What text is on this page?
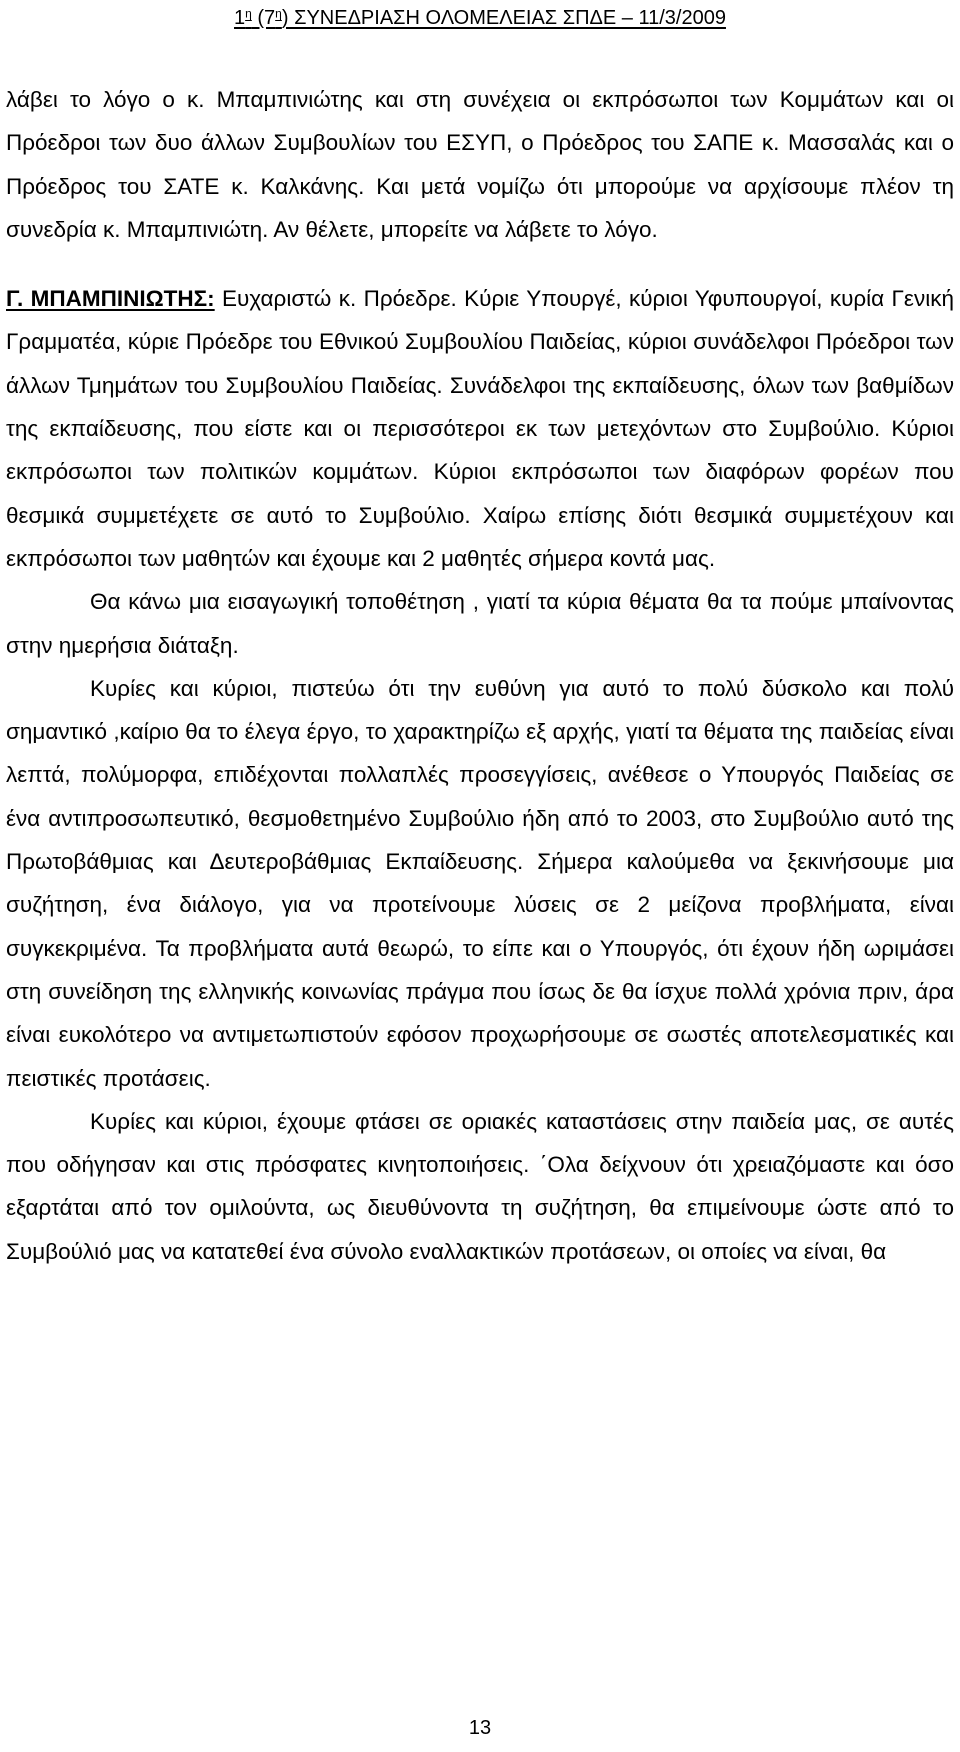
$1^\eta$ $(7^\eta)$ ΣΥΝΕΔΡΙΑΣΗ ΟΛΟΜΕΛΕΙΑΣ ΣΠΔΕ – 11/3/2009

λάβει το λόγο ο κ. Μπαμπινιώτης και στη συνέχεια οι εκπρόσωποι των Κομμάτων και οι Πρόεδροι των δυο άλλων Συμβουλίων του ΕΣΥΠ, ο Πρόεδρος του ΣΑΠΕ κ. Μασσαλάς και ο Πρόεδρος του ΣΑΤΕ κ. Καλκάνης. Και μετά νομίζω ότι μπορούμε να αρχίσουμε πλέον τη συνεδρία κ. Μπαμπινιώτη. Αν θέλετε, μπορείτε να λάβετε το λόγο.

Γ. ΜΠΑΜΠΙΝΙΩΤΗΣ: Ευχαριστώ κ. Πρόεδρε. Κύριε Υπουργέ, κύριοι Υφυπουργοί, κυρία Γενική Γραμματέα, κύριε Πρόεδρε του Εθνικού Συμβουλίου Παιδείας, κύριοι συνάδελφοι Πρόεδροι των άλλων Τμημάτων του Συμβουλίου Παιδείας. Συνάδελφοι της εκπαίδευσης, όλων των βαθμίδων της εκπαίδευσης, που είστε και οι περισσότεροι εκ των μετεχόντων στο Συμβούλιο. Κύριοι εκπρόσωποι των πολιτικών κομμάτων. Κύριοι εκπρόσωποι των διαφόρων φορέων που θεσμικά συμμετέχετε σε αυτό το Συμβούλιο. Χαίρω επίσης διότι θεσμικά συμμετέχουν και εκπρόσωποι των μαθητών και έχουμε και 2 μαθητές σήμερα κοντά μας.

Θα κάνω μια εισαγωγική τοποθέτηση , γιατί τα κύρια θέματα θα τα πούμε μπαίνοντας στην ημερήσια διάταξη.

Κυρίες και κύριοι, πιστεύω ότι την ευθύνη για αυτό το πολύ δύσκολο και πολύ σημαντικό ,καίριο θα το έλεγα έργο, το χαρακτηρίζω εξ αρχής, γιατί τα θέματα της παιδείας είναι λεπτά, πολύμορφα, επιδέχονται πολλαπλές προσεγγίσεις, ανέθεσε ο Υπουργός Παιδείας σε ένα αντιπροσωπευτικό, θεσμοθετημένο Συμβούλιο ήδη από το 2003, στο Συμβούλιο αυτό της Πρωτοβάθμιας και Δευτεροβάθμιας Εκπαίδευσης. Σήμερα καλούμεθα να ξεκινήσουμε μια συζήτηση, ένα διάλογο, για να προτείνουμε λύσεις σε 2 μείζονα προβλήματα, είναι συγκεκριμένα. Τα προβλήματα αυτά θεωρώ, το είπε και ο Υπουργός, ότι έχουν ήδη ωριμάσει στη συνείδηση της ελληνικής κοινωνίας πράγμα που ίσως δε θα ίσχυε πολλά χρόνια πριν, άρα είναι ευκολότερο να αντιμετωπιστούν εφόσον προχωρήσουμε σε σωστές αποτελεσματικές και πειστικές προτάσεις.

Κυρίες και κύριοι, έχουμε φτάσει σε οριακές καταστάσεις στην παιδεία μας, σε αυτές που οδήγησαν και στις πρόσφατες κινητοποιήσεις. ΄Ολα δείχνουν ότι χρειαζόμαστε και όσο εξαρτάται από τον ομιλούντα, ως διευθύνοντα τη συζήτηση, θα επιμείνουμε ώστε από το Συμβούλιό μας να κατατεθεί ένα σύνολο εναλλακτικών προτάσεων, οι οποίες να είναι, θα

13
